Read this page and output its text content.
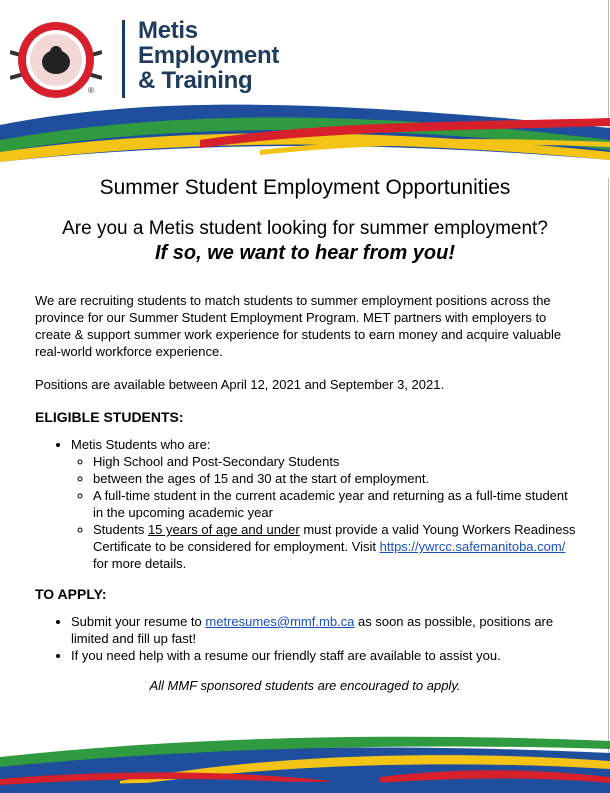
®
Metis
Employment
& Training
Summer Student Employment Opportunities
Are you a Metis student looking for summer employment?
If so, we want to hear from you!

We are recruiting students to match students to summer employment positions across the province for our Summer Student Employment Program. MET partners with employers to create & support summer work experience for students to earn money and acquire valuable real-world workforce experience.

Positions are available between April 12, 2021 and September 3, 2021.

ELIGIBLE STUDENTS:
• Metis Students who are:
◦ High School and Post-Secondary Students
◦ between the ages of 15 and 30 at the start of employment.
◦ A full-time student in the current academic year and returning as a full-time student in the upcoming academic year
◦ Students 15 years of age and under must provide a valid Young Workers Readiness Certificate to be considered for employment. Visit https://ywrcc.safemanitoba.com/ for more details.
TO APPLY:
• Submit your resume to metresumes@mmf.mb.ca as soon as possible, positions are limited and fill up fast!
• If you need help with a resume our friendly staff are available to assist you.
All MMF sponsored students are encouraged to apply.
